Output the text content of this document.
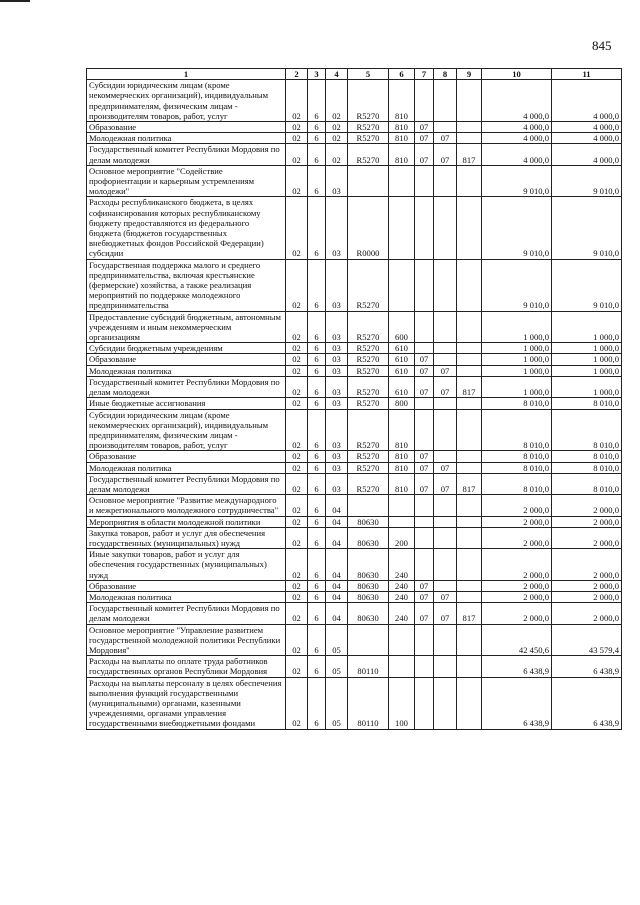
845
1	2	3	4	5	6	7	8	9	10	11
Субсидии юридическим лицам (кроме некоммерческих организаций), индивидуальным предпринимателям, физическим лицам - производителям товаров, работ, услуг	02	6	02	R5270	810				4 000,0	4 000,0
Образование	02	6	02	R5270	810	07			4 000,0	4 000,0
Молодежная политика	02	6	02	R5270	810	07	07		4 000,0	4 000,0
Государственный комитет Республики Мордовия по делам молодежи	02	6	02	R5270	810	07	07	817	4 000,0	4 000,0
Основное мероприятие "Содействие профориентации и карьерным устремлениям молодежи"	02	6	03						9 010,0	9 010,0
Расходы республиканского бюджета, в целях софинансирования которых республиканскому бюджету предоставляются из федерального бюджета (бюджетов государственных внебюджетных фондов Российской Федерации) субсидии	02	6	03	R0000					9 010,0	9 010,0
Государственная поддержка малого и среднего предпринимательства, включая крестьянские (фермерские) хозяйства, а также реализация мероприятий по поддержке молодежного предпринимательства	02	6	03	R5270					9 010,0	9 010,0
Предоставление субсидий бюджетным, автономным учреждениям и иным некоммерческим организациям	02	6	03	R5270	600				1 000,0	1 000,0
Субсидии бюджетным учреждениям	02	6	03	R5270	610				1 000,0	1 000,0
Образование	02	6	03	R5270	610	07			1 000,0	1 000,0
Молодежная политика	02	6	03	R5270	610	07	07		1 000,0	1 000,0
Государственный комитет Республики Мордовия по делам молодежи	02	6	03	R5270	610	07	07	817	1 000,0	1 000,0
Иные бюджетные ассигнования	02	6	03	R5270	800				8 010,0	8 010,0
Субсидии юридическим лицам (кроме некоммерческих организаций), индивидуальным предпринимателям, физическим лицам - производителям товаров, работ, услуг	02	6	03	R5270	810				8 010,0	8 010,0
Образование	02	6	03	R5270	810	07			8 010,0	8 010,0
Молодежная политика	02	6	03	R5270	810	07	07		8 010,0	8 010,0
Государственный комитет Республики Мордовия по делам молодежи	02	6	03	R5270	810	07	07	817	8 010,0	8 010,0
Основное мероприятие "Развитие международного и межрегионального молодежного сотрудничества"	02	6	04						2 000,0	2 000,0
Мероприятия в области молодежной политики	02	6	04	80630					2 000,0	2 000,0
Закупка товаров, работ и услуг для обеспечения государственных (муниципальных) нужд	02	6	04	80630	200				2 000,0	2 000,0
Иные закупки товаров, работ и услуг для обеспечения государственных (муниципальных) нужд	02	6	04	80630	240				2 000,0	2 000,0
Образование	02	6	04	80630	240	07			2 000,0	2 000,0
Молодежная политика	02	6	04	80630	240	07	07		2 000,0	2 000,0
Государственный комитет Республики Мордовия по делам молодежи	02	6	04	80630	240	07	07	817	2 000,0	2 000,0
Основное мероприятие "Управление развитием государственной молодежной политики Республики Мордовия"	02	6	05						42 450,6	43 579,4
Расходы на выплаты по оплате труда работников государственных органов Республики Мордовия	02	6	05	80110					6 438,9	6 438,9
Расходы на выплаты персоналу в целях обеспечения выполнения функций государственными (муниципальными) органами, казенными учреждениями, органами управления государственными внебюджетными фондами	02	6	05	80110	100				6 438,9	6 438,9
